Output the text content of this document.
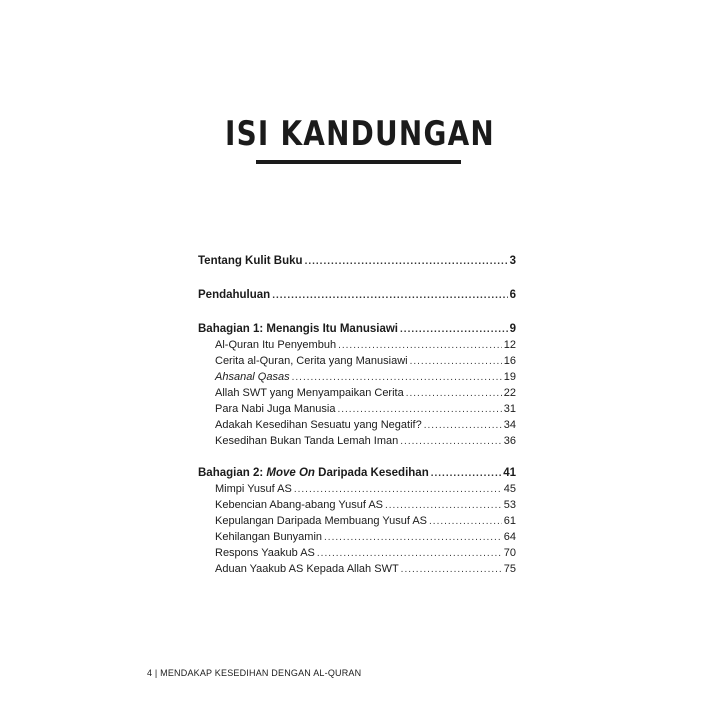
ISI KANDUNGAN
Tentang Kulit Buku .....	3
Pendahuluan .....	6
Bahagian 1: Menangis Itu Manusiawi .....	9
Al-Quran Itu Penyembuh .....	12
Cerita al-Quran, Cerita yang Manusiawi .....	16
Ahsanal Qasas .....	19
Allah SWT yang Menyampaikan Cerita .....	22
Para Nabi Juga Manusia .....	31
Adakah Kesedihan Sesuatu yang Negatif? .....	34
Kesedihan Bukan Tanda Lemah Iman .....	36
Bahagian 2: Move On Daripada Kesedihan .....	41
Mimpi Yusuf AS .....	45
Kebencian Abang-abang Yusuf AS .....	53
Kepulangan Daripada Membuang Yusuf AS .....	61
Kehilangan Bunyamin .....	64
Respons Yaakub AS .....	70
Aduan Yaakub AS Kepada Allah SWT .....	75
4 | MENDAKAP KESEDIHAN DENGAN AL-QURAN
